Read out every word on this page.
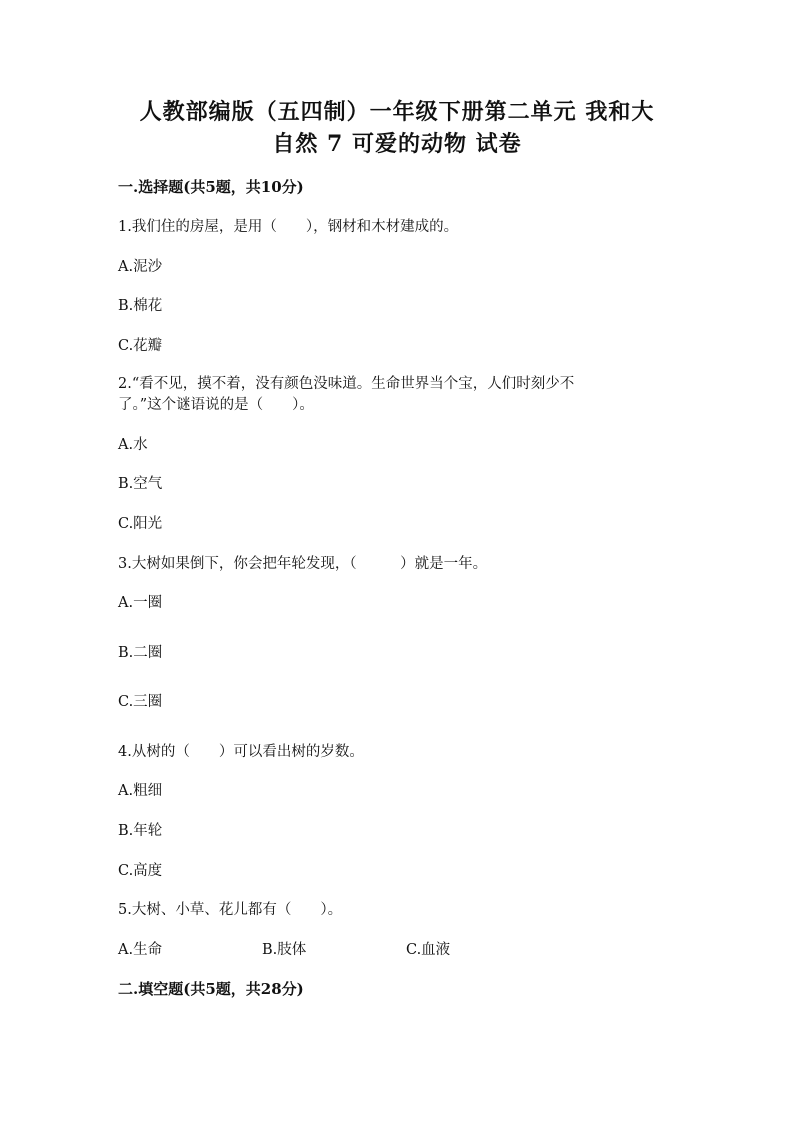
人教部编版（五四制）一年级下册第二单元 我和大
自然 7 可爱的动物 试卷
一.选择题(共5题，共10分)
1.我们住的房屋，是用（　　），钢材和木材建成的。
A.泥沙
B.棉花
C.花瓣
2.“看不见，摸不着，没有颜色没味道。生命世界当个宝，人们时刻少不
了。”这个谜语说的是（　　）。
A.水
B.空气
C.阳光
3.大树如果倒下，你会把年轮发现，（　　　）就是一年。
A.一圈
B.二圈
C.三圈
4.从树的（　　）可以看出树的岁数。
A.粗细
B.年轮
C.高度
5.大树、小草、花儿都有（　　）。
A.生命	B.肢体	C.血液
二.填空题(共5题，共28分)
